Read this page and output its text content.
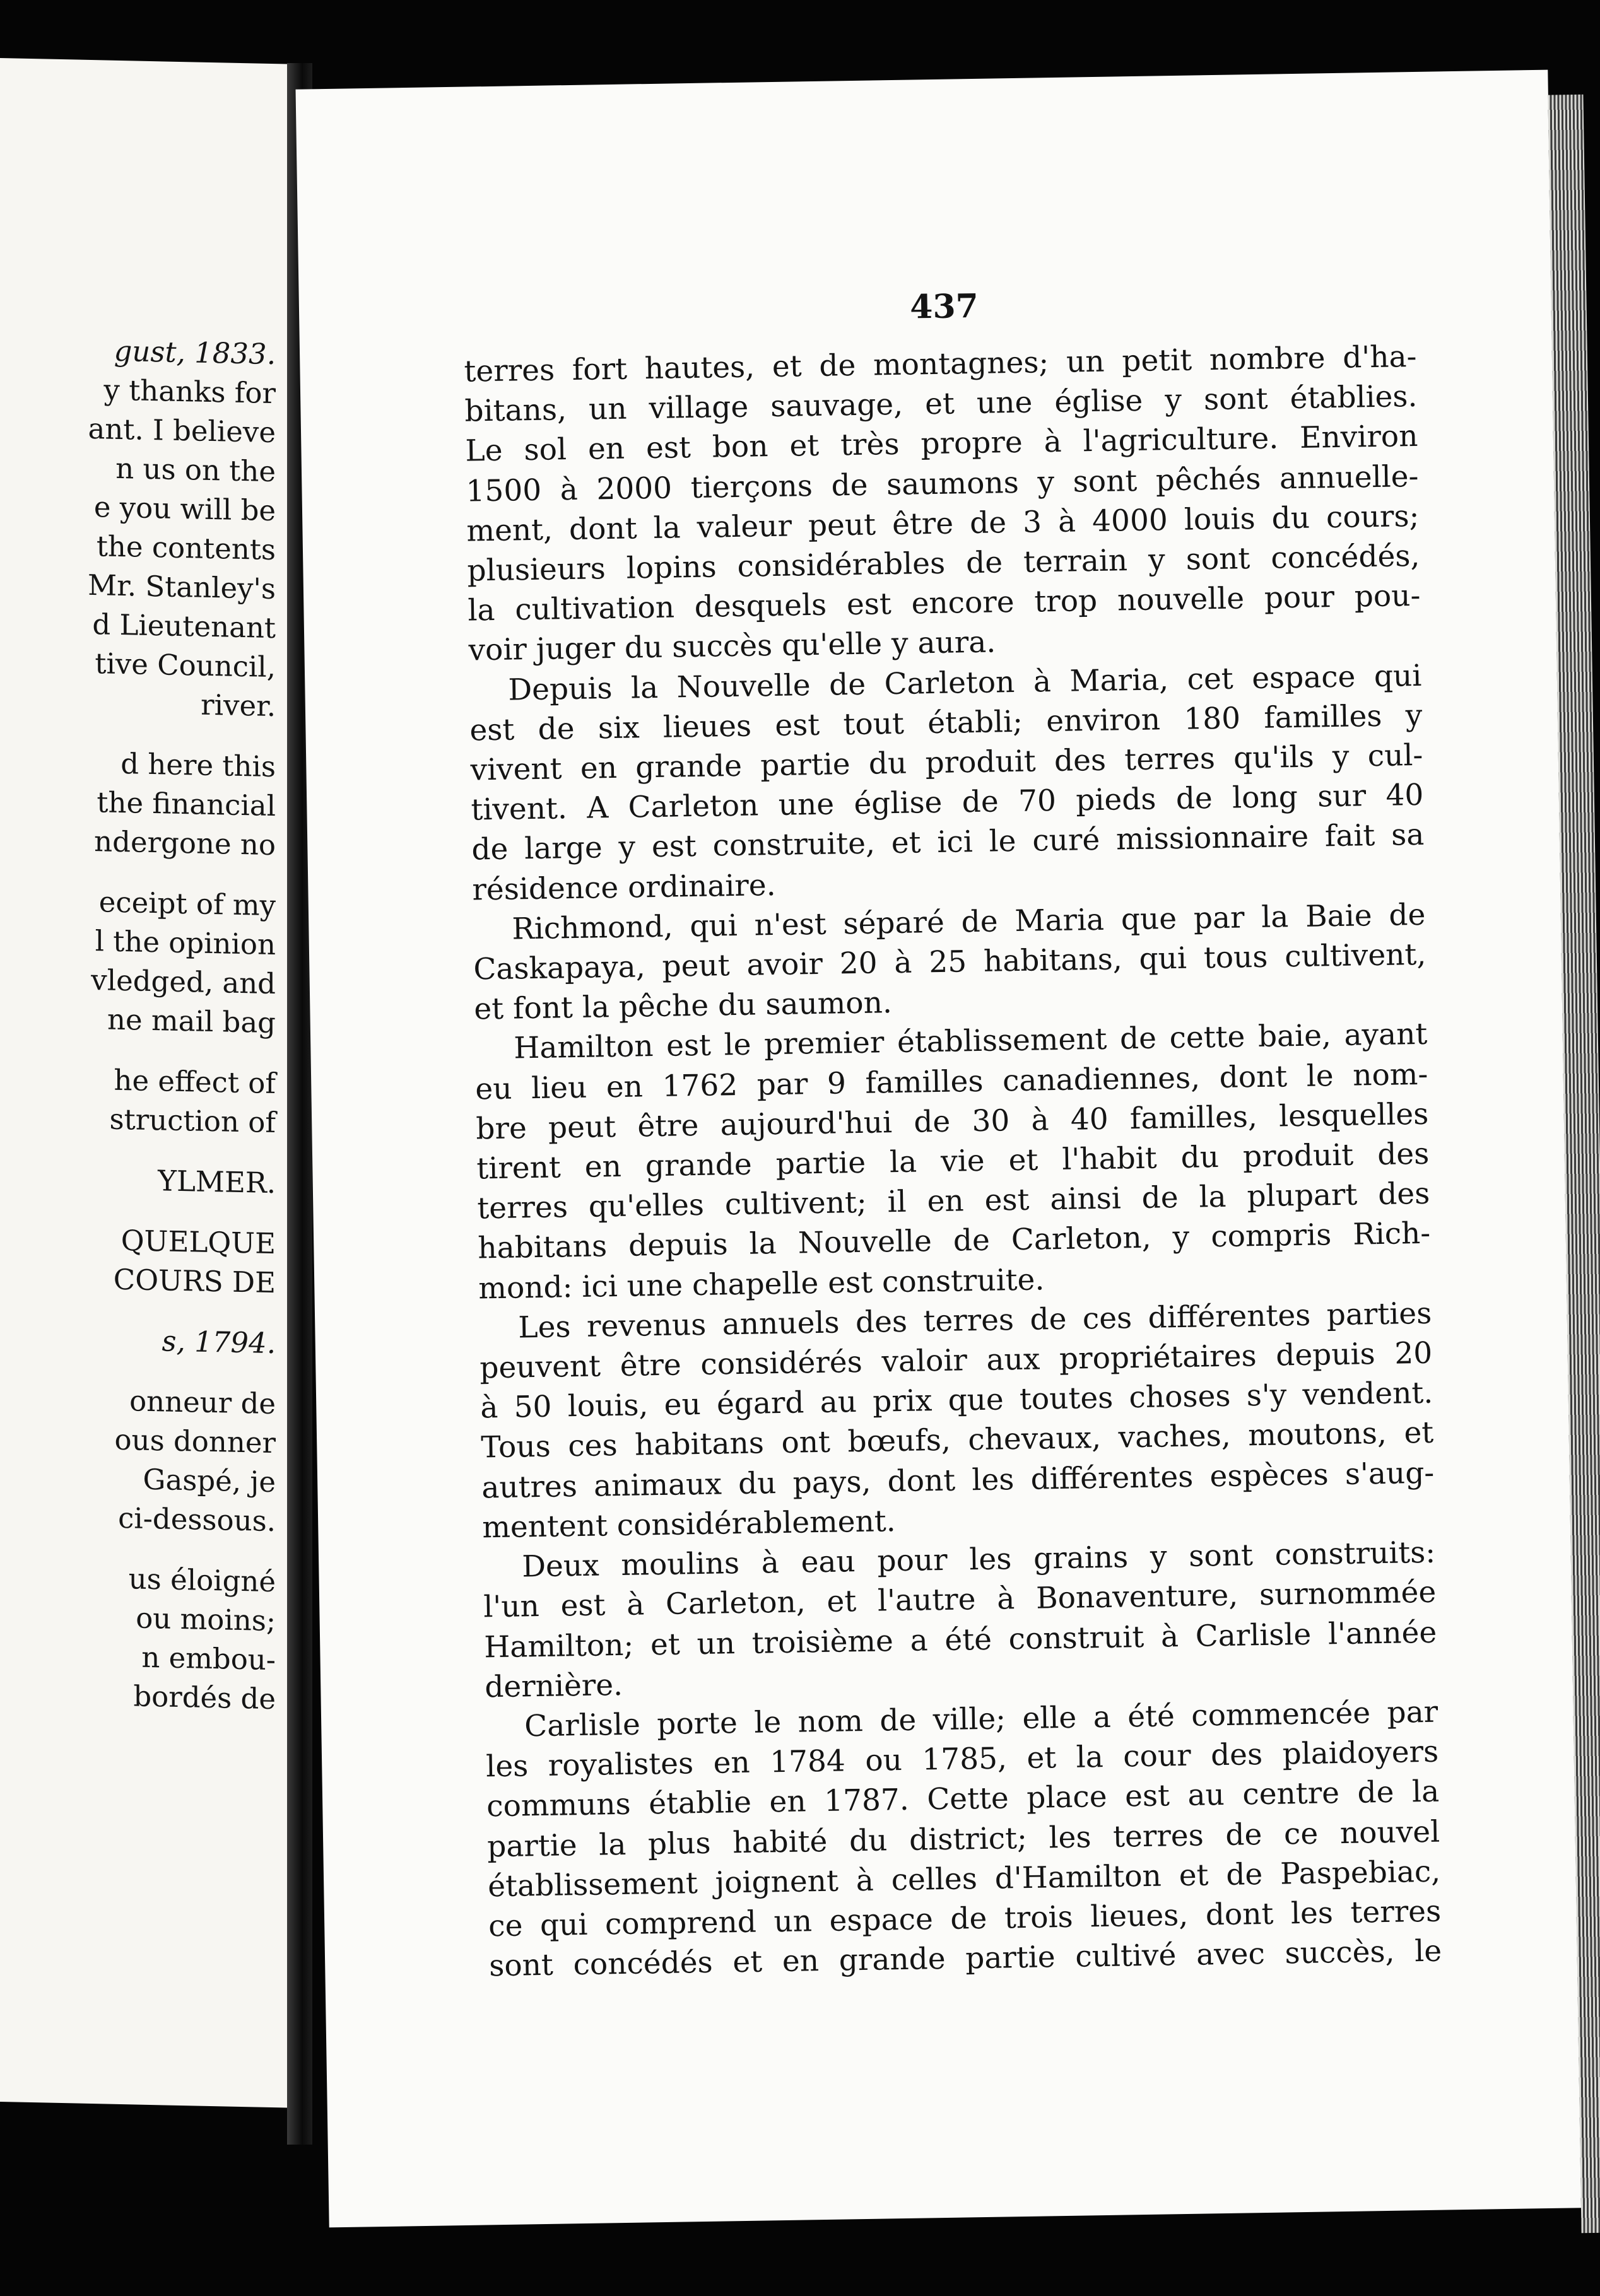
gust, 1833.
y thanks for
ant. I believe
n us on the
e you will be
the contents
Mr. Stanley's
d Lieutenant
tive Council,
river.
d here this
the financial
ndergone no
eceipt of my
l the opinion
vledged, and
ne mail bag
he effect of
struction of
YLMER.
QUELQUE
COURS DE
s, 1794.
onneur de
ous donner
Gaspé, je
ci-dessous.
us éloigné
ou moins;
n embou-
bordés de
437
terres fort hautes, et de montagnes; un petit nombre d'ha-
bitans, un village sauvage, et une église y sont établies.
Le sol en est bon et très propre à l'agriculture. Environ
1500 à 2000 tierçons de saumons y sont pêchés annuelle-
ment, dont la valeur peut être de 3 à 4000 louis du cours;
plusieurs lopins considérables de terrain y sont concédés,
la cultivation desquels est encore trop nouvelle pour pou-
voir juger du succès qu'elle y aura.
Depuis la Nouvelle de Carleton à Maria, cet espace qui
est de six lieues est tout établi; environ 180 familles y
vivent en grande partie du produit des terres qu'ils y cul-
tivent. A Carleton une église de 70 pieds de long sur 40
de large y est construite, et ici le curé missionnaire fait sa
résidence ordinaire.
Richmond, qui n'est séparé de Maria que par la Baie de
Caskapaya, peut avoir 20 à 25 habitans, qui tous cultivent,
et font la pêche du saumon.
Hamilton est le premier établissement de cette baie, ayant
eu lieu en 1762 par 9 familles canadiennes, dont le nom-
bre peut être aujourd'hui de 30 à 40 familles, lesquelles
tirent en grande partie la vie et l'habit du produit des
terres qu'elles cultivent; il en est ainsi de la plupart des
habitans depuis la Nouvelle de Carleton, y compris Rich-
mond: ici une chapelle est construite.
Les revenus annuels des terres de ces différentes parties
peuvent être considérés valoir aux propriétaires depuis 20
à 50 louis, eu égard au prix que toutes choses s'y vendent.
Tous ces habitans ont bœufs, chevaux, vaches, moutons, et
autres animaux du pays, dont les différentes espèces s'aug-
mentent considérablement.
Deux moulins à eau pour les grains y sont construits:
l'un est à Carleton, et l'autre à Bonaventure, surnommée
Hamilton; et un troisième a été construit à Carlisle l'année
dernière.
Carlisle porte le nom de ville; elle a été commencée par
les royalistes en 1784 ou 1785, et la cour des plaidoyers
communs établie en 1787. Cette place est au centre de la
partie la plus habité du district; les terres de ce nouvel
établissement joignent à celles d'Hamilton et de Paspebiac,
ce qui comprend un espace de trois lieues, dont les terres
sont concédés et en grande partie cultivé avec succès, le
